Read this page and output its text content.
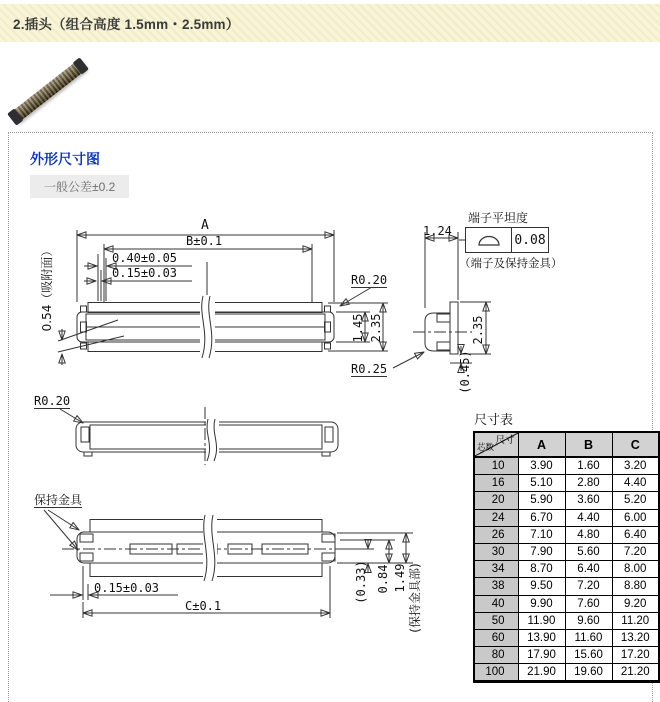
2.插头（组合高度 1.5mm・2.5mm）
外形尺寸图
一般公差±0.2
A
B±0.1
0.40±0.05
0.15±0.03
0.54（吸附面）	R0.20
1.45 2.35
R0.25
1.24
端子平坦度
0.08
（端子及保持金具）
2.35
(0.45)
R0.20
保持金具
0.15±0.03
C±0.1
(0.33) 0.84 1.49 (保持金具部)
尺寸表
尺寸
芯数	A	B	C
10	3.90	1.60	3.20
16	5.10	2.80	4.40
20	5.90	3.60	5.20
24	6.70	4.40	6.00
26	7.10	4.80	6.40
30	7.90	5.60	7.20
34	8.70	6.40	8.00
38	9.50	7.20	8.80
40	9.90	7.60	9.20
50	11.90	9.60	11.20
60	13.90	11.60	13.20
80	17.90	15.60	17.20
100	21.90	19.60	21.20
